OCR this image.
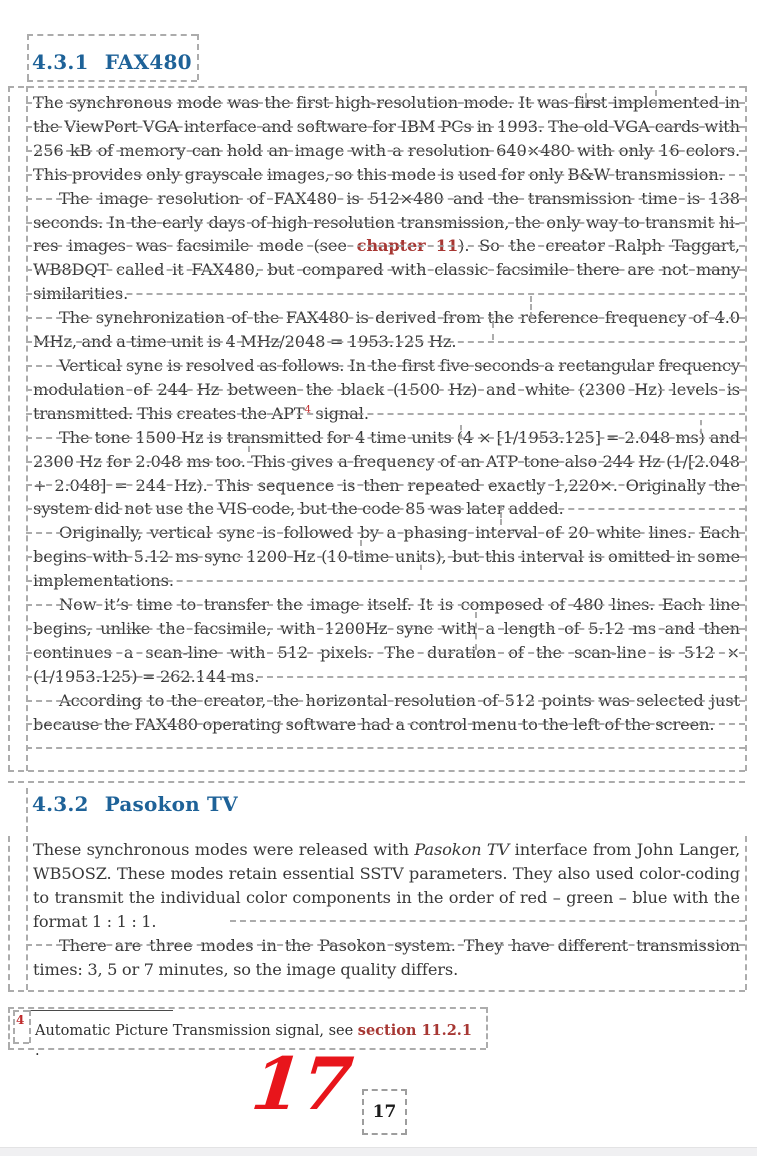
4.3.1 FAX480

The synchronous mode was the first high-resolution mode. It was first implemented in the ViewPort VGA interface and software for IBM PCs in 1993. The old VGA cards with 256 kB of memory can hold an image with a resolution 640×480 with only 16 colors. This provides only grayscale images, so this mode is used for only B&W transmission.

The image resolution of FAX480 is 512×480 and the transmission time is 138 seconds. In the early days of high resolution transmission, the only way to transmit hi-res images was facsimile mode (see chapter 11). So the creator Ralph Taggart, WB8DQT called it FAX480, but compared with classic facsimile there are not many similarities.

The synchronization of the FAX480 is derived from the reference frequency of 4.0 MHz, and a time unit is 4 MHz/2048 = 1953.125 Hz.

Vertical sync is resolved as follows. In the first five seconds a rectangular frequency modulation of 244 Hz between the black (1500 Hz) and white (2300 Hz) levels is transmitted. This creates the APT$^4$ signal.

The tone 1500 Hz is transmitted for 4 time units (4 × [1/1953.125] = 2.048 ms) and 2300 Hz for 2.048 ms too. This gives a frequency of an ATP tone also 244 Hz (1/[2.048 + 2.048] = 244 Hz). This sequence is then repeated exactly 1,220×. Originally the system did not use the VIS code, but the code 85 was later added.

Originally, vertical sync is followed by a phasing interval of 20 white lines. Each begins with 5.12 ms sync 1200 Hz (10-time units), but this interval is omitted in some implementations.

Now it’s time to transfer the image itself. It is composed of 480 lines. Each line begins, unlike the facsimile, with 1200Hz sync with a length of 5.12 ms and then continues a scan-line with 512 pixels. The duration of the scan-line is 512 × (1/1953.125) = 262.144 ms.

According to the creator, the horizontal resolution of 512 points was selected just because the FAX480 operating software had a control menu to the left of the screen.

4.3.2 Pasokon TV

These synchronous modes were released with Pasokon TV interface from John Langer, WB5OSZ. These modes retain essential SSTV parameters. They also used color-coding to transmit the individual color components in the order of red – green – blue with the format 1 : 1 : 1.

There are three modes in the Pasokon system. They have different transmission times: 3, 5 or 7 minutes, so the image quality differs.

4
Automatic Picture Transmission signal, see section 11.2.1 .	17 17
